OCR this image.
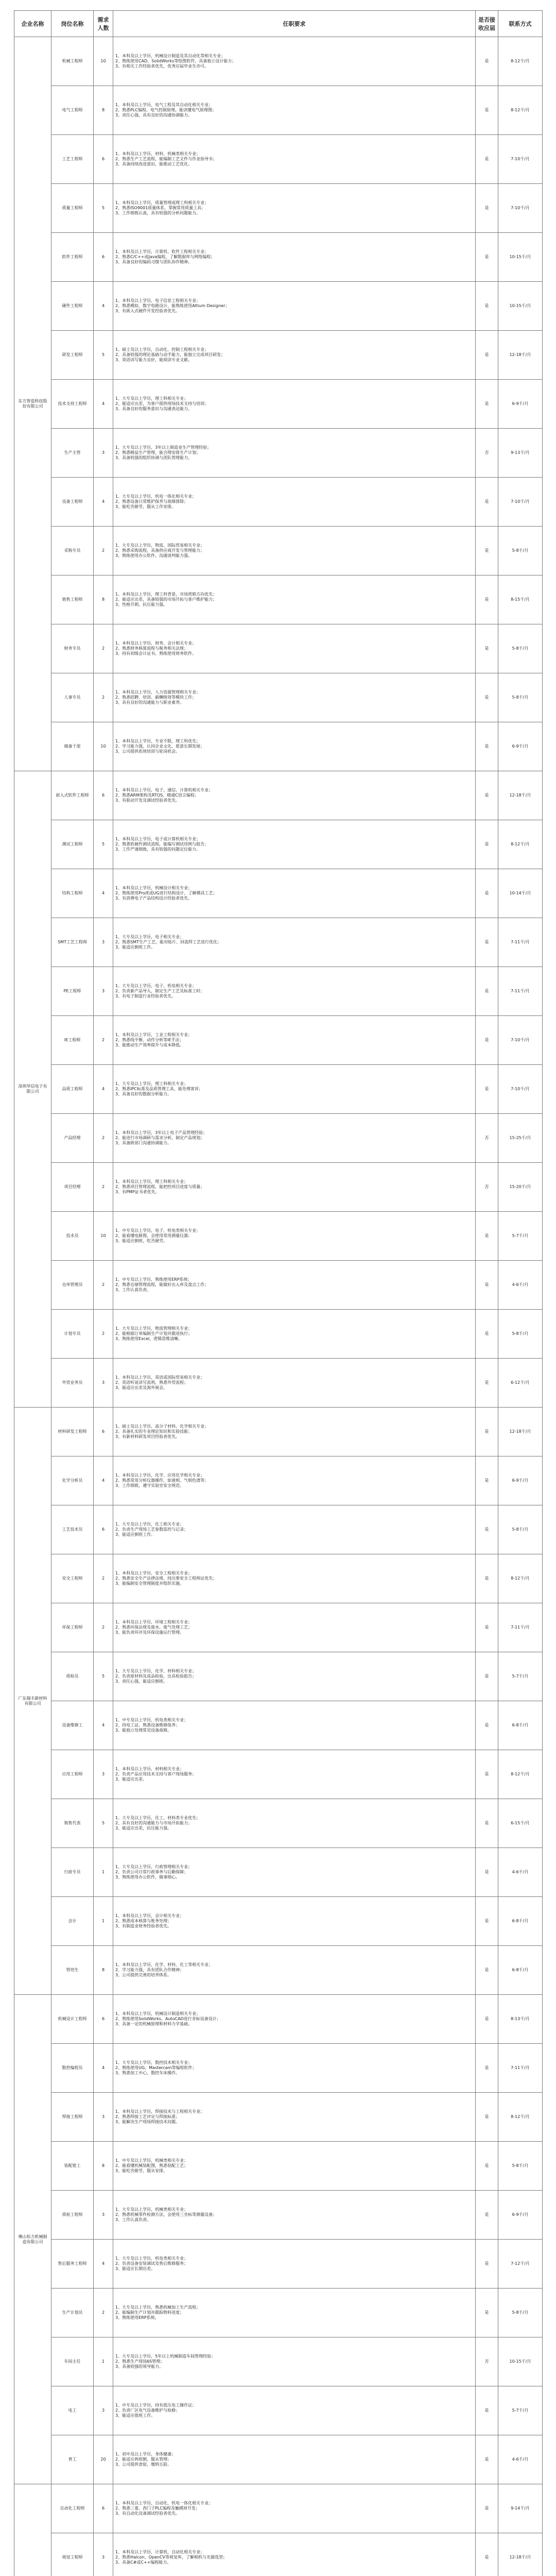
企业名称	岗位名称	需求人数	任职要求	是否接收应届	联系方式
东方智造科技股份有限公司	机械工程师	10	1、本科及以上学历，机械设计制造及其自动化等相关专业；
2、熟练使用CAD、SolidWorks等绘图软件，具备独立设计能力；
3、有相关工作经验者优先，优秀应届毕业生亦可。	是	8-12千/月
	电气工程师	8	1、本科及以上学历，电气工程及其自动化相关专业；
2、熟悉PLC编程、电气控制原理，能读懂电气原理图；
3、责任心强，具有良好的沟通协调能力。	是	8-12千/月
	工艺工程师	6	1、本科及以上学历，材料、机械类相关专业；
2、熟悉生产工艺流程，能编制工艺文件与作业指导书；
3、具备持续改进意识，能推动工艺优化。	是	7-10千/月
	质量工程师	5	1、本科及以上学历，质量管理或理工科相关专业；
2、熟悉ISO9001质量体系，掌握常用质量工具；
3、工作细致认真，具有较强的分析问题能力。	是	7-10千/月
	软件工程师	6	1、本科及以上学历，计算机、软件工程相关专业；
2、熟悉C/C++或Java编程，了解数据库与网络编程；
3、具备良好的编码习惯与团队协作精神。	是	10-15千/月
	硬件工程师	4	1、本科及以上学历，电子信息工程相关专业；
2、熟悉模拟、数字电路设计，能熟练使用Altium Designer；
3、有嵌入式硬件开发经验者优先。	是	10-15千/月
	研发工程师	5	1、硕士及以上学历，自动化、控制工程相关专业；
2、具备较强的理论基础与动手能力，能独立完成项目研发；
3、英语读写能力良好，能阅读专业文献。	是	12-18千/月
	技术支持工程师	4	1、大专及以上学历，理工科相关专业；
2、能适应出差，为客户提供现场技术支持与培训；
3、具备良好的服务意识与沟通表达能力。	是	6-9千/月
	生产主管	3	1、大专及以上学历，3年以上制造业生产管理经验；
2、熟悉精益生产管理，能合理安排生产计划；
3、具备较强的组织协调与团队管理能力。	否	9-13千/月
	设备工程师	4	1、大专及以上学历，机电一体化相关专业；
2、熟悉设备日常维护保养与故障排除；
3、能吃苦耐劳，服从工作安排。	是	7-10千/月
	采购专员	2	1、大专及以上学历，物流、国际贸易相关专业；
2、熟悉采购流程，具备供应商开发与管理能力；
3、熟练使用办公软件，沟通谈判能力强。	是	5-8千/月
	销售工程师	8	1、本科及以上学历，理工科背景，市场营销方向优先；
2、能适应出差，具备较强的市场开拓与客户维护能力；
3、性格开朗，抗压能力强。	是	8-15千/月
	财务专员	2	1、本科及以上学历，财务、会计相关专业；
2、熟悉财务核算流程与税务相关法规；
3、持有初级会计证书，熟练使用财务软件。	是	5-8千/月
	人事专员	2	1、本科及以上学历，人力资源管理相关专业；
2、熟悉招聘、培训、薪酬绩效等模块工作；
3、具有良好的沟通能力与职业素养。	是	5-8千/月
	储备干部	10	1、本科及以上学历，专业不限，理工科优先；
2、学习能力强，认同企业文化，愿意长期发展；
3、公司提供系统培训与轮岗机会。	是	6-9千/月
深圳华信电子有限公司	嵌入式软件工程师	6	1、本科及以上学历，电子、通信、计算机相关专业；
2、熟悉ARM架构及RTOS，精通C语言编程；
3、有驱动开发及调试经验者优先。	是	12-18千/月
	测试工程师	5	1、本科及以上学历，电子或计算机相关专业；
2、熟悉软硬件测试流程，能编写测试用例与报告；
3、工作严谨细致，具有较强的问题定位能力。	是	8-12千/月
	结构工程师	4	1、本科及以上学历，机械设计相关专业；
2、熟练使用Pro/E或UG进行结构设计，了解模具工艺；
3、有消费电子产品结构设计经验者优先。	是	10-14千/月
	SMT工艺工程师	3	1、大专及以上学历，电子相关专业；
2、熟悉SMT生产工艺，能对贴片、回流焊工艺进行优化；
3、能适应倒班工作。	是	7-11千/月
	PE工程师	3	1、大专及以上学历，电子、机电相关专业；
2、负责新产品导入，制定生产工艺及标准工时；
3、有电子制造行业经验者优先。	是	7-11千/月
	IE工程师	2	1、本科及以上学历，工业工程相关专业；
2、熟悉线平衡、动作分析等IE手法；
3、能推动生产效率提升与成本降低。	是	7-10千/月
	品质工程师	4	1、大专及以上学历，理工科相关专业；
2、熟悉IPC标准及品质管理工具，能处理客诉；
3、具备良好的数据分析能力。	是	7-10千/月
	产品经理	2	1、本科及以上学历，3年以上电子产品管理经验；
2、能进行市场调研与需求分析，制定产品规划；
3、具备跨部门沟通协调能力。	否	15-25千/月
	项目经理	2	1、本科及以上学历，理工科相关专业；
2、熟悉项目管理流程，能把控项目进度与质量；
3、有PMP证书者优先。	否	15-20千/月
	技术员	10	1、中专及以上学历，电子、机电类相关专业；
2、能看懂电路图，会使用常用测量仪器；
3、能适应倒班，吃苦耐劳。	是	5-7千/月
	仓库管理员	2	1、中专及以上学历，熟练使用ERP系统；
2、熟悉仓储管理流程，能做好出入库及盘点工作；
3、工作认真负责。	是	4-6千/月
	计划专员	2	1、大专及以上学历，物流管理相关专业；
2、能根据订单编制生产计划并跟进执行；
3、熟练使用Excel，逻辑思维清晰。	是	5-8千/月
	外贸业务员	3	1、本科及以上学历，英语或国际贸易相关专业；
2、英语听说读写流利，熟悉外贸流程；
3、能适应出差及海外展会。	是	6-12千/月
广东瑞丰新材料有限公司	材料研发工程师	6	1、硕士及以上学历，高分子材料、化学相关专业；
2、具备扎实的专业理论知识和实验技能；
3、有新材料研发项目经验者优先。	是	12-18千/月
	化学分析员	4	1、本科及以上学历，化学、应用化学相关专业；
2、熟悉常用分析仪器操作，如液相、气相色谱等；
3、工作细致，遵守实验室安全规范。	是	6-9千/月
	工艺技术员	6	1、大专及以上学历，化工相关专业；
2、负责生产现场工艺参数监控与记录；
3、能适应倒班工作。	是	5-8千/月
	安全工程师	2	1、本科及以上学历，安全工程相关专业；
2、熟悉安全生产法律法规，持注册安全工程师证优先；
3、能编制安全管理制度并组织实施。	是	8-12千/月
	环保工程师	2	1、本科及以上学历，环境工程相关专业；
2、熟悉环保法规及废水、废气处理工艺；
3、能负责环评及环保设施运行管理。	是	7-11千/月
	质检员	5	1、大专及以上学历，化学、材料相关专业；
2、负责原材料及成品检验，出具检验报告；
3、责任心强，能适应倒班。	是	5-7千/月
	设备维修工	4	1、中专及以上学历，机电类相关专业；
2、持电工证，熟悉设备维修保养；
3、能独立处理常见设备故障。	是	6-8千/月
	应用工程师	3	1、本科及以上学历，材料相关专业；
2、负责产品应用技术支持与客户现场服务；
3、能适应出差。	是	8-12千/月
	销售代表	5	1、大专及以上学历，化工、材料类专业优先；
2、具有良好的沟通能力与市场开拓能力；
3、能适应出差，抗压能力强。	是	6-15千/月
	行政专员	1	1、大专及以上学历，行政管理相关专业；
2、负责公司日常行政事务与后勤保障；
3、熟练使用办公软件，做事细心。	是	4-6千/月
	会计	1	1、本科及以上学历，会计相关专业；
2、熟悉成本核算与账务处理；
3、有制造业财务经验者优先。	是	6-8千/月
	管培生	8	1、本科及以上学历，化学、材料、化工等相关专业；
2、学习能力强，具有团队合作精神；
3、公司提供完善的培养体系。	是	6-8千/月
佛山恒力机械制造有限公司	机械设计工程师	6	1、本科及以上学历，机械设计制造相关专业；
2、熟练使用SolidWorks、AutoCAD进行非标设备设计；
3、具备一定的机械原理和材料力学基础。	是	8-13千/月
	数控编程员	4	1、大专及以上学历，数控技术相关专业；
2、熟练使用UG、Mastercam等编程软件；
3、熟悉加工中心、数控车床操作。	是	7-11千/月
	焊接工程师	3	1、本科及以上学历，焊接技术与工程相关专业；
2、熟悉焊接工艺评定与焊接标准；
3、能解决生产现场焊接技术问题。	是	8-12千/月
	装配钳工	8	1、中专及以上学历，机械类相关专业；
2、能看懂机械装配图，熟悉装配工艺；
3、能吃苦耐劳，服从安排。	是	5-8千/月
	质检工程师	3	1、大专及以上学历，机械类相关专业；
2、熟悉机械零件检测方法，会使用三坐标等测量设备；
3、工作认真负责。	是	6-9千/月
	售后服务工程师	4	1、大专及以上学历，机电类相关专业；
2、负责设备安装调试及售后维修服务；
3、能适应长期出差。	是	7-12千/月
	生产计划员	2	1、大专及以上学历，熟悉机械加工生产流程；
2、能编制生产计划并跟踪物料进度；
3、熟练使用ERP系统。	是	5-8千/月
	车间主任	1	1、大专及以上学历，5年以上机械制造车间管理经验；
2、熟悉生产现场6S管理；
3、具备较强的领导能力。	否	10-15千/月
	电工	3	1、中专及以上学历，持有低压电工操作证；
2、负责厂区电气设备维护与检修；
3、能适应值班工作。	是	5-7千/月
	普工	20	1、初中及以上学历，身体健康；
2、能适应两班倒，服从管理；
3、公司提供食宿，缴纳五险。	是	4-6千/月
	自动化工程师	6	1、本科及以上学历，自动化、机电一体化相关专业；
2、熟悉三菱、西门子PLC编程及触摸屏开发；
3、有自动化设备调试经验者优先。	是	9-14千/月
	视觉工程师	3	1、本科及以上学历，计算机、自动化相关专业；
2、熟悉Halcon、OpenCV等视觉库，了解相机与光源选型；
3、具备C#或C++编程能力。	是	12-18千/月
